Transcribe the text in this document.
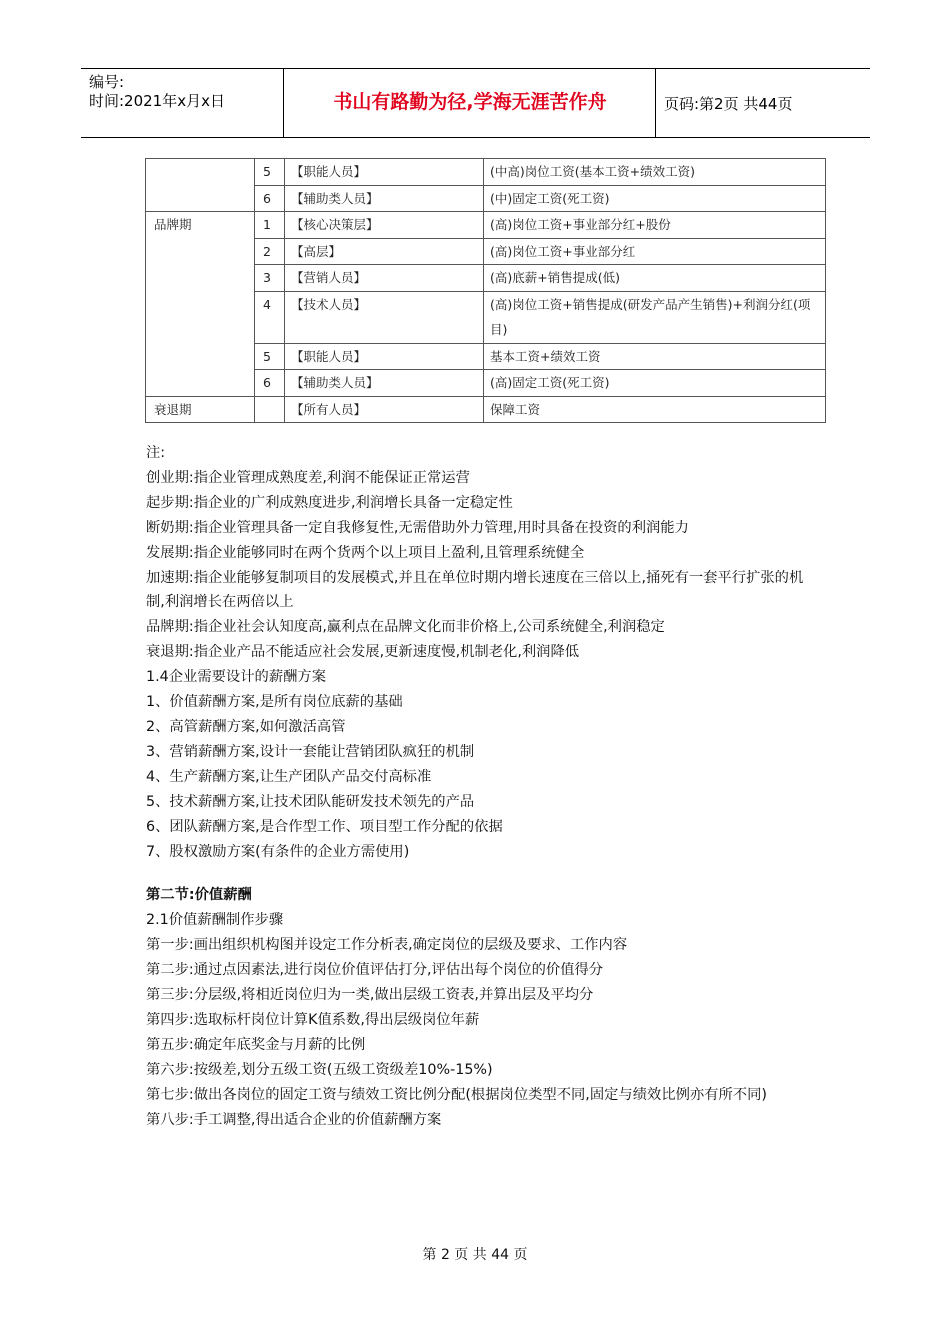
编号:
时间:2021年x月x日	书山有路勤为径,学海无涯苦作舟	页码:第2页 共44页
	5	【职能人员】	(中高)岗位工资(基本工资+绩效工资)
	6	【辅助类人员】	(中)固定工资(死工资)
品牌期	1	【核心决策层】	(高)岗位工资+事业部分红+股份
	2	【高层】	(高)岗位工资+事业部分红
	3	【营销人员】	(高)底薪+销售提成(低)
	4	【技术人员】	(高)岗位工资+销售提成(研发产品产生销售)+利润分红(项目)
	5	【职能人员】	基本工资+绩效工资
	6	【辅助类人员】	(高)固定工资(死工资)
衰退期		【所有人员】	保障工资

注:

创业期:指企业管理成熟度差,利润不能保证正常运营

起步期:指企业的广利成熟度进步,利润增长具备一定稳定性

断奶期:指企业管理具备一定自我修复性,无需借助外力管理,用时具备在投资的利润能力

发展期:指企业能够同时在两个货两个以上项目上盈利,且管理系统健全

加速期:指企业能够复制项目的发展模式,并且在单位时期内增长速度在三倍以上,捅死有一套平行扩张的机制,利润增长在两倍以上

品牌期:指企业社会认知度高,赢利点在品牌文化而非价格上,公司系统健全,利润稳定

衰退期:指企业产品不能适应社会发展,更新速度慢,机制老化,利润降低

1.4企业需要设计的薪酬方案

1、价值薪酬方案,是所有岗位底薪的基础

2、高管薪酬方案,如何激活高管

3、营销薪酬方案,设计一套能让营销团队疯狂的机制

4、生产薪酬方案,让生产团队产品交付高标准

5、技术薪酬方案,让技术团队能研发技术领先的产品

6、团队薪酬方案,是合作型工作、项目型工作分配的依据

7、股权激励方案(有条件的企业方需使用)

第二节:价值薪酬

2.1价值薪酬制作步骤

第一步:画出组织机构图并设定工作分析表,确定岗位的层级及要求、工作内容

第二步:通过点因素法,进行岗位价值评估打分,评估出每个岗位的价值得分

第三步:分层级,将相近岗位归为一类,做出层级工资表,并算出层及平均分

第四步:选取标杆岗位计算K值系数,得出层级岗位年薪

第五步:确定年底奖金与月薪的比例

第六步:按级差,划分五级工资(五级工资级差10%-15%)

第七步:做出各岗位的固定工资与绩效工资比例分配(根据岗位类型不同,固定与绩效比例亦有所不同)

第八步:手工调整,得出适合企业的价值薪酬方案

第 2 页 共 44 页
